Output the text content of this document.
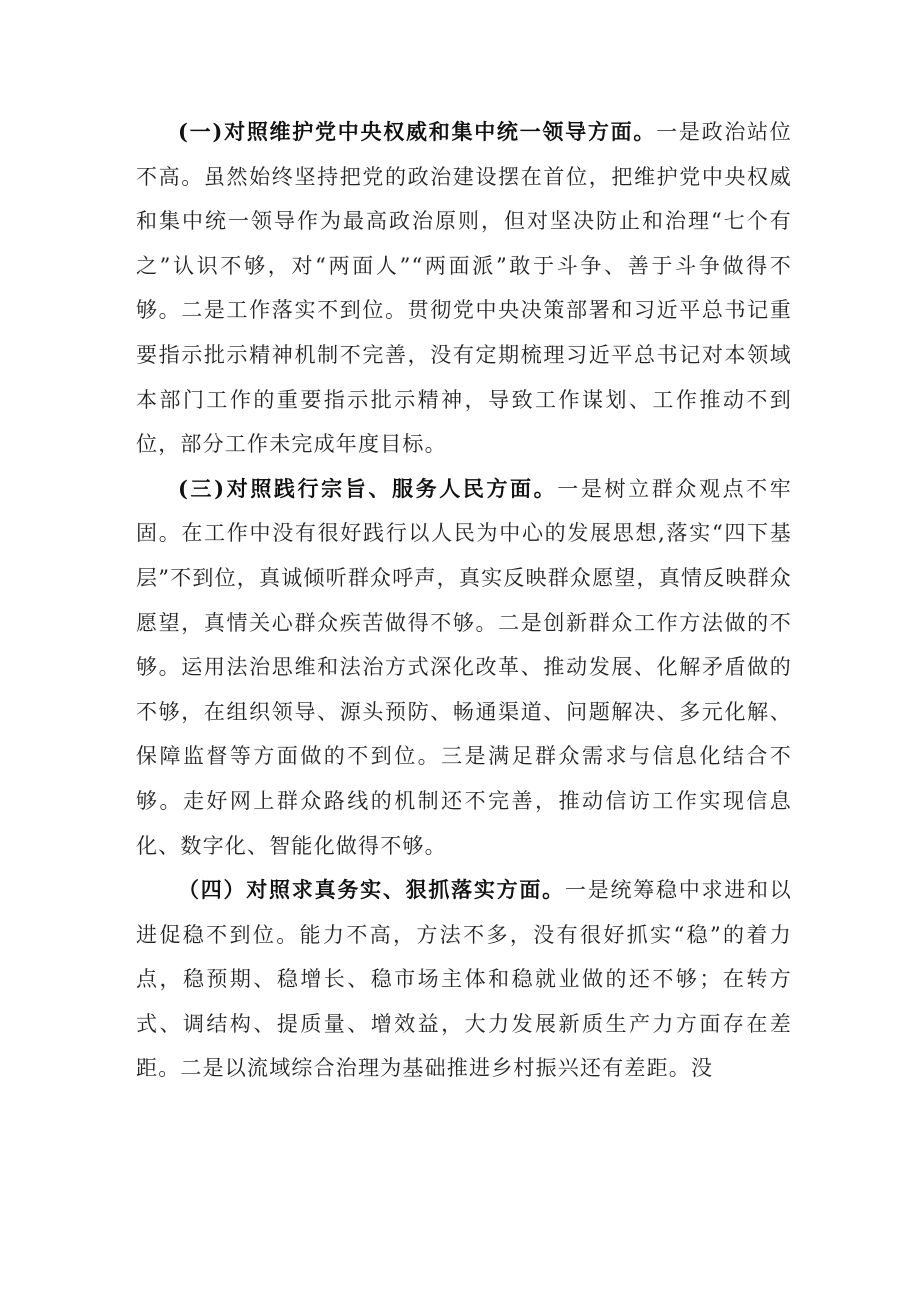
(一)对照维护党中央权威和集中统一领导方面。一是政治站位不高。虽然始终坚持把党的政治建设摆在首位，把维护党中央权威和集中统一领导作为最高政治原则，但对坚决防止和治理“七个有之”认识不够，对“两面人”“两面派”敢于斗争、善于斗争做得不够。二是工作落实不到位。贯彻党中央决策部署和习近平总书记重要指示批示精神机制不完善，没有定期梳理习近平总书记对本领域本部门工作的重要指示批示精神，导致工作谋划、工作推动不到位，部分工作未完成年度目标。

(三)对照践行宗旨、服务人民方面。一是树立群众观点不牢固。在工作中没有很好践行以人民为中心的发展思想,落实“四下基层”不到位，真诚倾听群众呼声，真实反映群众愿望，真情反映群众愿望，真情关心群众疾苦做得不够。二是创新群众工作方法做的不够。运用法治思维和法治方式深化改革、推动发展、化解矛盾做的不够，在组织领导、源头预防、畅通渠道、问题解决、多元化解、保障监督等方面做的不到位。三是满足群众需求与信息化结合不够。走好网上群众路线的机制还不完善，推动信访工作实现信息化、数字化、智能化做得不够。

（四）对照求真务实、狠抓落实方面。一是统筹稳中求进和以进促稳不到位。能力不高，方法不多，没有很好抓实“稳”的着力点，稳预期、稳增长、稳市场主体和稳就业做的还不够；在转方式、调结构、提质量、增效益，大力发展新质生产力方面存在差距。二是以流域综合治理为基础推进乡村振兴还有差距。没
